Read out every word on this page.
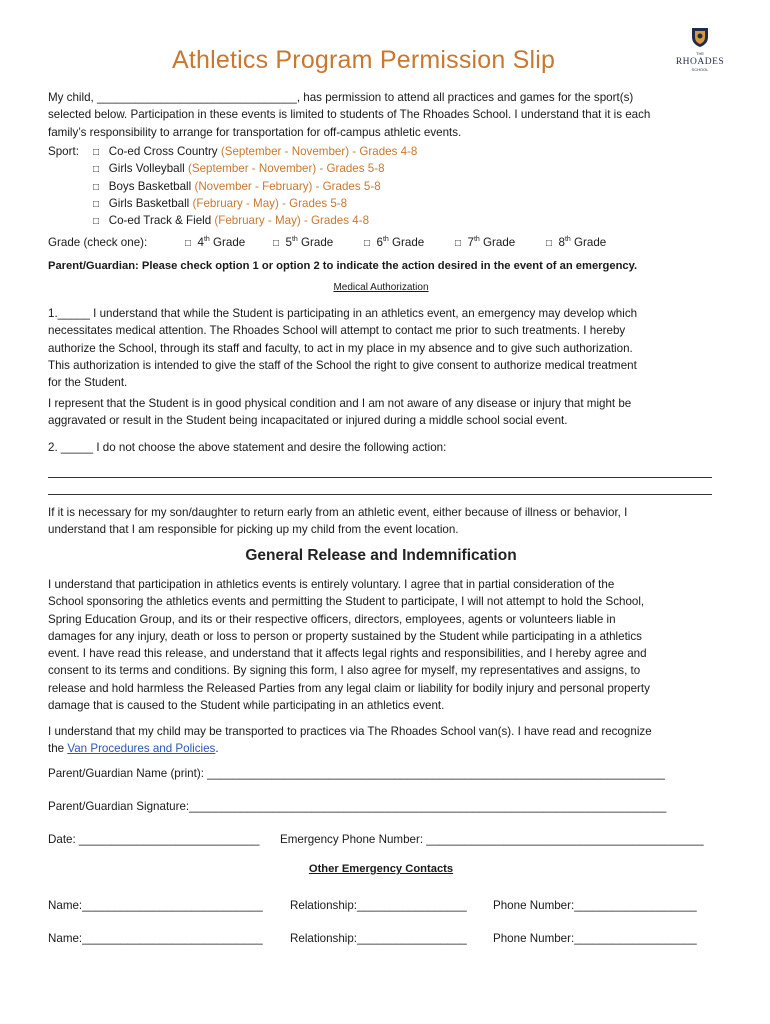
Athletics Program Permission Slip	THE
RHOADES
SCHOOL
My child, _______________________________, has permission to attend all practices and games for the sport(s)
selected below. Participation in these events is limited to students of The Rhoades School. I understand that it is each
family’s responsibility to arrange for transportation for off-campus athletic events.
Sport: □ Co-ed Cross Country (September - November) - Grades 4-8
□ Girls Volleyball (September - November) - Grades 5-8
□ Boys Basketball (November - February) - Grades 5-8
□ Girls Basketball (February - May) - Grades 5-8
□ Co-ed Track & Field (February - May) - Grades 4-8
Grade (check one):	□ 4th Grade	□ 5th Grade	□ 6th Grade	□ 7th Grade	□ 8th Grade
Parent/Guardian: Please check option 1 or option 2 to indicate the action desired in the event of an emergency.
Medical Authorization
1._____ I understand that while the Student is participating in an athletics event, an emergency may develop which
necessitates medical attention. The Rhoades School will attempt to contact me prior to such treatments. I hereby
authorize the School, through its staff and faculty, to act in my place in my absence and to give such authorization.
This authorization is intended to give the staff of the School the right to give consent to authorize medical treatment
for the Student.
I represent that the Student is in good physical condition and I am not aware of any disease or injury that might be
aggravated or result in the Student being incapacitated or injured during a middle school social event.
2. _____ I do not choose the above statement and desire the following action:
If it is necessary for my son/daughter to return early from an athletic event, either because of illness or behavior, I
understand that I am responsible for picking up my child from the event location.
General Release and Indemnification
I understand that participation in athletics events is entirely voluntary. I agree that in partial consideration of the
School sponsoring the athletics events and permitting the Student to participate, I will not attempt to hold the School,
Spring Education Group, and its or their respective officers, directors, employees, agents or volunteers liable in
damages for any injury, death or loss to person or property sustained by the Student while participating in a athletics
event. I have read this release, and understand that it affects legal rights and responsibilities, and I hereby agree and
consent to its terms and conditions. By signing this form, I also agree for myself, my representatives and assigns, to
release and hold harmless the Released Parties from any legal claim or liability for bodily injury and personal property
damage that is caused to the Student while participating in an athletics event.
I understand that my child may be transported to practices via The Rhoades School van(s). I have read and recognize
the Van Procedures and Policies.
Parent/Guardian Name (print): _______________________________________________________________________
Parent/Guardian Signature:__________________________________________________________________________
Date: ____________________________ Emergency Phone Number: ___________________________________________
Other Emergency Contacts
Name:____________________________ Relationship:_________________ Phone Number:___________________
Name:____________________________ Relationship:_________________ Phone Number:___________________
